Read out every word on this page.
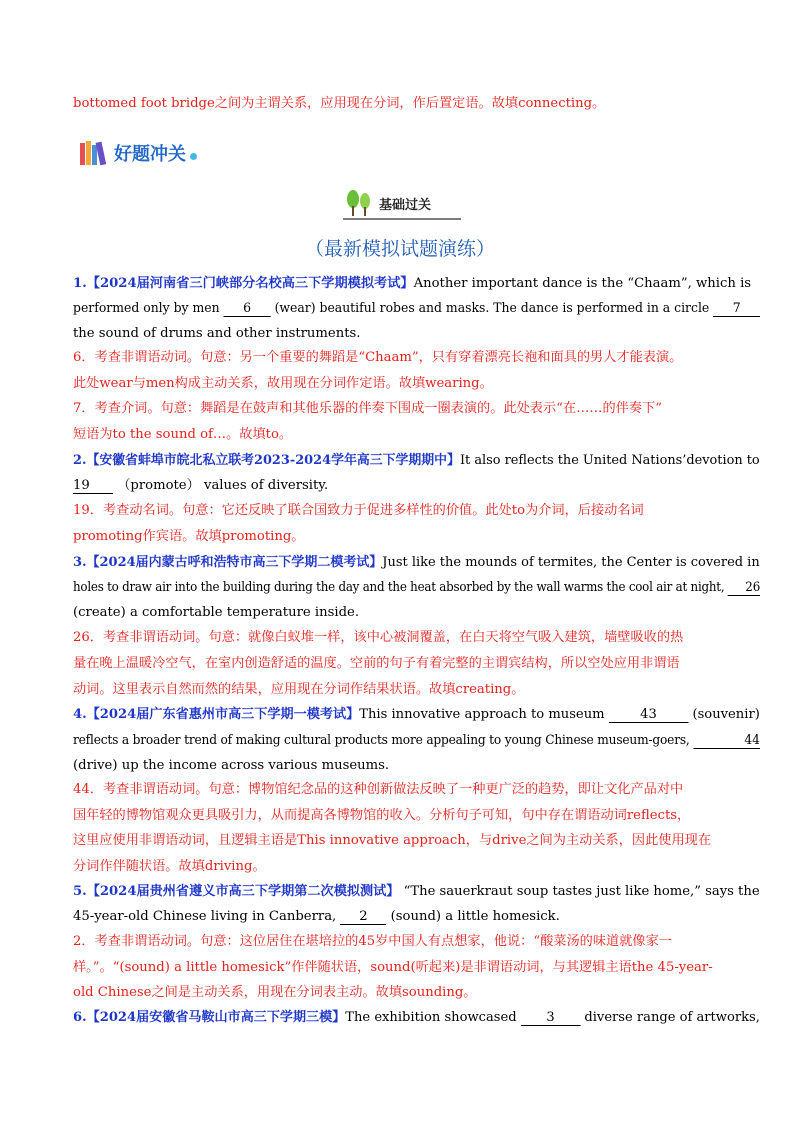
bottomed foot bridge之间为主谓关系，应用现在分词，作后置定语。故填connecting。
好题冲关
基础过关
（最新模拟试题演练）
1.【2024届河南省三门峡部分名校高三下学期模拟考试】Another important dance is the “Chaam”, which is
performed only by men 6 (wear) beautiful robes and masks. The dance is performed in a circle 7
the sound of drums and other instruments.
6．考查非谓语动词。句意：另一个重要的舞蹈是“Chaam”，只有穿着漂亮长袍和面具的男人才能表演。
此处wear与men构成主动关系，故用现在分词作定语。故填wearing。
7．考查介词。句意：舞蹈是在鼓声和其他乐器的伴奏下围成一圈表演的。此处表示“在……的伴奏下”
短语为to the sound of…。故填to。
2.【安徽省蚌埠市皖北私立联考2023-2024学年高三下学期期中】It also reflects the United Nations’devotion to
19 （promote） values of diversity.
19．考查动名词。句意：它还反映了联合国致力于促进多样性的价值。此处to为介词，后接动名词
promoting作宾语。故填promoting。
3.【2024届内蒙古呼和浩特市高三下学期二模考试】Just like the mounds of termites, the Center is covered in
holes to draw air into the building during the day and the heat absorbed by the wall warms the cool air at night, 26
(create) a comfortable temperature inside.
26．考查非谓语动词。句意：就像白蚁堆一样，该中心被洞覆盖，在白天将空气吸入建筑，墙壁吸收的热
量在晚上温暖冷空气，在室内创造舒适的温度。空前的句子有着完整的主谓宾结构，所以空处应用非谓语
动词。这里表示自然而然的结果，应用现在分词作结果状语。故填creating。
4.【2024届广东省惠州市高三下学期一模考试】This innovative approach to museum 43 (souvenir)
reflects a broader trend of making cultural products more appealing to young Chinese museum-goers,	44
(drive) up the income across various museums.
44．考查非谓语动词。句意：博物馆纪念品的这种创新做法反映了一种更广泛的趋势，即让文化产品对中
国年轻的博物馆观众更具吸引力，从而提高各博物馆的收入。分析句子可知，句中存在谓语动词reflects，
这里应使用非谓语动词，且逻辑主语是This innovative approach，与drive之间为主动关系，因此使用现在
分词作伴随状语。故填driving。
5.【2024届贵州省遵义市高三下学期第二次模拟测试】 “The sauerkraut soup tastes just like home,” says the
45-year-old Chinese living in Canberra, 2 (sound) a little homesick.
2．考查非谓语动词。句意：这位居住在堪培拉的45岁中国人有点想家，他说：“酸菜汤的味道就像家一
样。”。“(sound) a little homesick”作伴随状语，sound(听起来)是非谓语动词，与其逻辑主语the 45-year-
old Chinese之间是主动关系，用现在分词表主动。故填sounding。
6.【2024届安徽省马鞍山市高三下学期三模】The exhibition showcased 3 diverse range of artworks,
